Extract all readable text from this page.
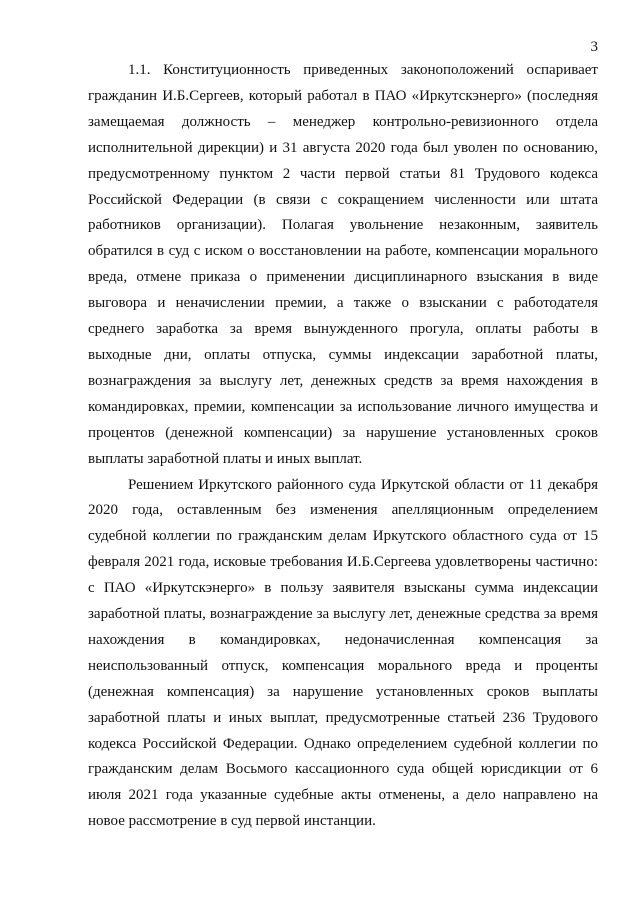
3

1.1. Конституционность приведенных законоположений оспаривает гражданин И.Б.Сергеев, который работал в ПАО «Иркутскэнерго» (последняя замещаемая должность – менеджер контрольно-ревизионного отдела исполнительной дирекции) и 31 августа 2020 года был уволен по основанию, предусмотренному пунктом 2 части первой статьи 81 Трудового кодекса Российской Федерации (в связи с сокращением численности или штата работников организации). Полагая увольнение незаконным, заявитель обратился в суд с иском о восстановлении на работе, компенсации морального вреда, отмене приказа о применении дисциплинарного взыскания в виде выговора и неначислении премии, а также о взыскании с работодателя среднего заработка за время вынужденного прогула, оплаты работы в выходные дни, оплаты отпуска, суммы индексации заработной платы, вознаграждения за выслугу лет, денежных средств за время нахождения в командировках, премии, компенсации за использование личного имущества и процентов (денежной компенсации) за нарушение установленных сроков выплаты заработной платы и иных выплат.

Решением Иркутского районного суда Иркутской области от 11 декабря 2020 года, оставленным без изменения апелляционным определением судебной коллегии по гражданским делам Иркутского областного суда от 15 февраля 2021 года, исковые требования И.Б.Сергеева удовлетворены частично: с ПАО «Иркутскэнерго» в пользу заявителя взысканы сумма индексации заработной платы, вознаграждение за выслугу лет, денежные средства за время нахождения в командировках, недоначисленная компенсация за неиспользованный отпуск, компенсация морального вреда и проценты (денежная компенсация) за нарушение установленных сроков выплаты заработной платы и иных выплат, предусмотренные статьей 236 Трудового кодекса Российской Федерации. Однако определением судебной коллегии по гражданским делам Восьмого кассационного суда общей юрисдикции от 6 июля 2021 года указанные судебные акты отменены, а дело направлено на новое рассмотрение в суд первой инстанции.
